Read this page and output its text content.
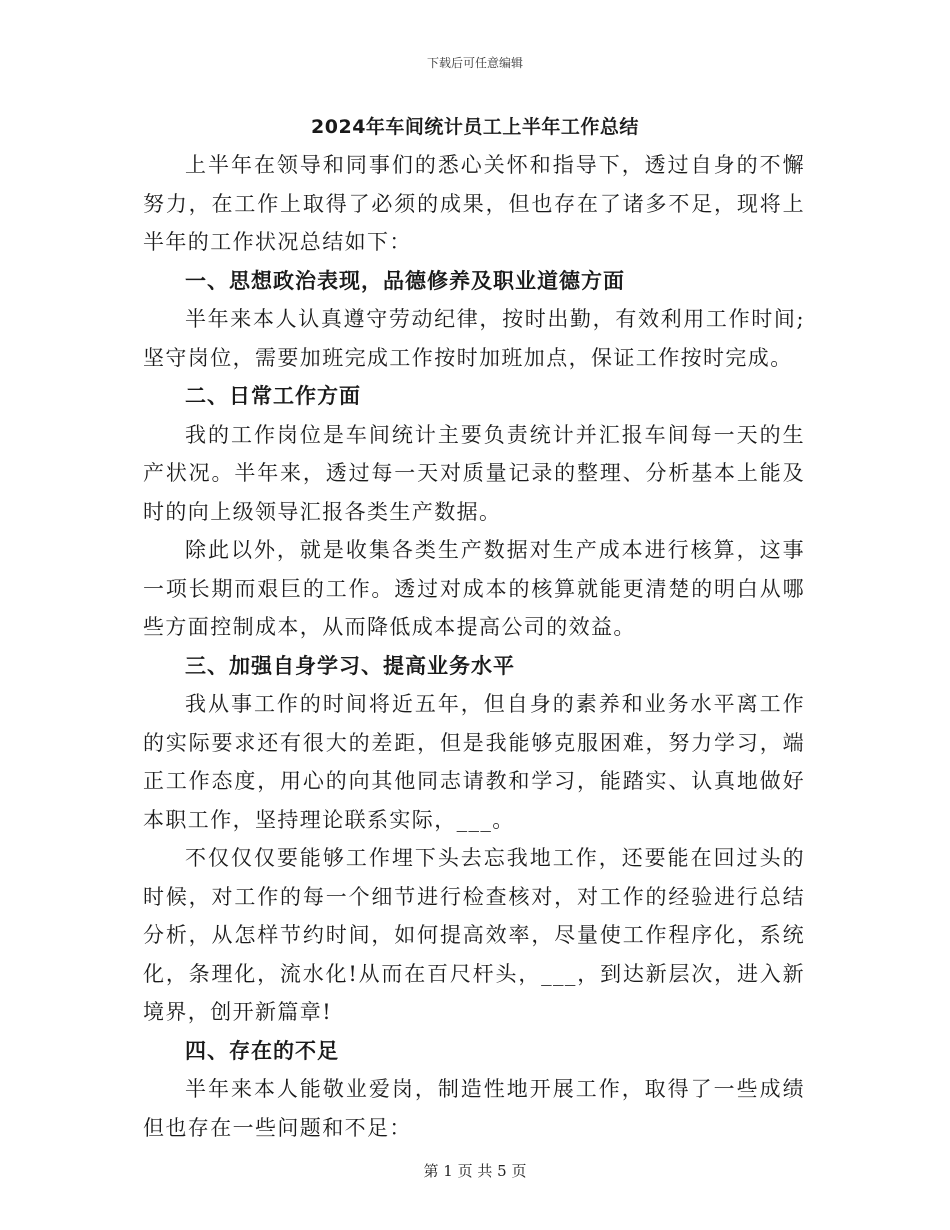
下载后可任意编辑
2024年车间统计员工上半年工作总结

上半年在领导和同事们的悉心关怀和指导下，透过自身的不懈努力，在工作上取得了必须的成果，但也存在了诸多不足，现将上半年的工作状况总结如下：

一、思想政治表现，品德修养及职业道德方面

半年来本人认真遵守劳动纪律，按时出勤，有效利用工作时间;坚守岗位，需要加班完成工作按时加班加点，保证工作按时完成。

二、日常工作方面

我的工作岗位是车间统计主要负责统计并汇报车间每一天的生产状况。半年来，透过每一天对质量记录的整理、分析基本上能及时的向上级领导汇报各类生产数据。

除此以外，就是收集各类生产数据对生产成本进行核算，这事一项长期而艰巨的工作。透过对成本的核算就能更清楚的明白从哪些方面控制成本，从而降低成本提高公司的效益。

三、加强自身学习、提高业务水平

我从事工作的时间将近五年，但自身的素养和业务水平离工作的实际要求还有很大的差距，但是我能够克服困难，努力学习，端正工作态度，用心的向其他同志请教和学习，能踏实、认真地做好本职工作，坚持理论联系实际，___。

不仅仅仅要能够工作埋下头去忘我地工作，还要能在回过头的时候，对工作的每一个细节进行检查核对，对工作的经验进行总结分析，从怎样节约时间，如何提高效率，尽量使工作程序化，系统化，条理化，流水化!从而在百尺杆头，___，到达新层次，进入新境界，创开新篇章!

四、存在的不足

半年来本人能敬业爱岗，制造性地开展工作，取得了一些成绩但也存在一些问题和不足：

第 1 页 共 5 页
